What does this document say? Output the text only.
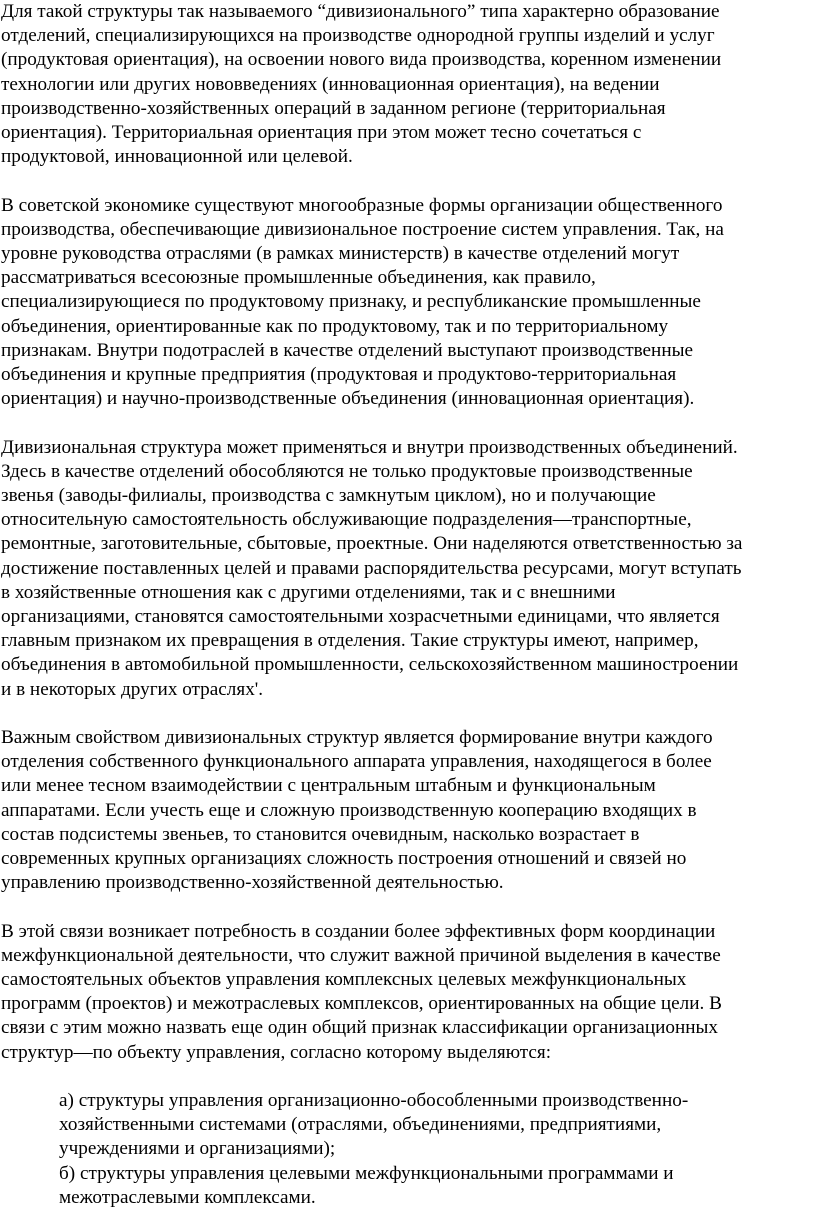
Для такой структуры так называемого “дивизионального” типа характерно образование
отделений, специализирующихся на производстве однородной группы изделий и услуг
(продуктовая ориентация), на освоении нового вида производства, коренном изменении
технологии или других нововведениях (инновационная ориентация), на ведении
производственно-хозяйственных операций в заданном регионе (территориальная
ориентация). Территориальная ориентация при этом может тесно сочетаться с
продуктовой, инновационной или целевой.
В советской экономике существуют многообразные формы организации общественного
производства, обеспечивающие дивизиональное построение систем управления. Так, на
уровне руководства отраслями (в рамках министерств) в качестве отделений могут
рассматриваться всесоюзные промышленные объединения, как правило,
специализирующиеся по продуктовому признаку, и республиканские промышленные
объединения, ориентированные как по продуктовому, так и по территориальному
признакам. Внутри подотраслей в качестве отделений выступают производственные
объединения и крупные предприятия (продуктовая и продуктово-территориальная
ориентация) и научно-производственные объединения (инновационная ориентация).
Дивизиональная структура может применяться и внутри производственных объединений.
Здесь в качестве отделений обособляются не только продуктовые производственные
звенья (заводы-филиалы, производства с замкнутым циклом), но и получающие
относительную самостоятельность обслуживающие подразделения—транспортные,
ремонтные, заготовительные, сбытовые, проектные. Они наделяются ответственностью за
достижение поставленных целей и правами распорядительства ресурсами, могут вступать
в хозяйственные отношения как с другими отделениями, так и с внешними
организациями, становятся самостоятельными хозрасчетными единицами, что является
главным признаком их превращения в отделения. Такие структуры имеют, например,
объединения в автомобильной промышленности, сельскохозяйственном машиностроении
и в некоторых других отраслях'.
Важным свойством дивизиональных структур является формирование внутри каждого
отделения собственного функционального аппарата управления, находящегося в более
или менее тесном взаимодействии с центральным штабным и функциональным
аппаратами. Если учесть еще и сложную производственную кооперацию входящих в
состав подсистемы звеньев, то становится очевидным, насколько возрастает в
современных крупных организациях сложность построения отношений и связей но
управлению производственно-хозяйственной деятельностью.
В этой связи возникает потребность в создании более эффективных форм координации
межфункциональной деятельности, что служит важной причиной выделения в качестве
самостоятельных объектов управления комплексных целевых межфункциональных
программ (проектов) и межотраслевых комплексов, ориентированных на общие цели. В
связи с этим можно назвать еще один общий признак классификации организационных
структур—по объекту управления, согласно которому выделяются:
а) структуры управления организационно-обособленными производственно-
хозяйственными системами (отраслями, объединениями, предприятиями,
учреждениями и организациями);
б) структуры управления целевыми межфункциональными программами и
межотраслевыми комплексами.
